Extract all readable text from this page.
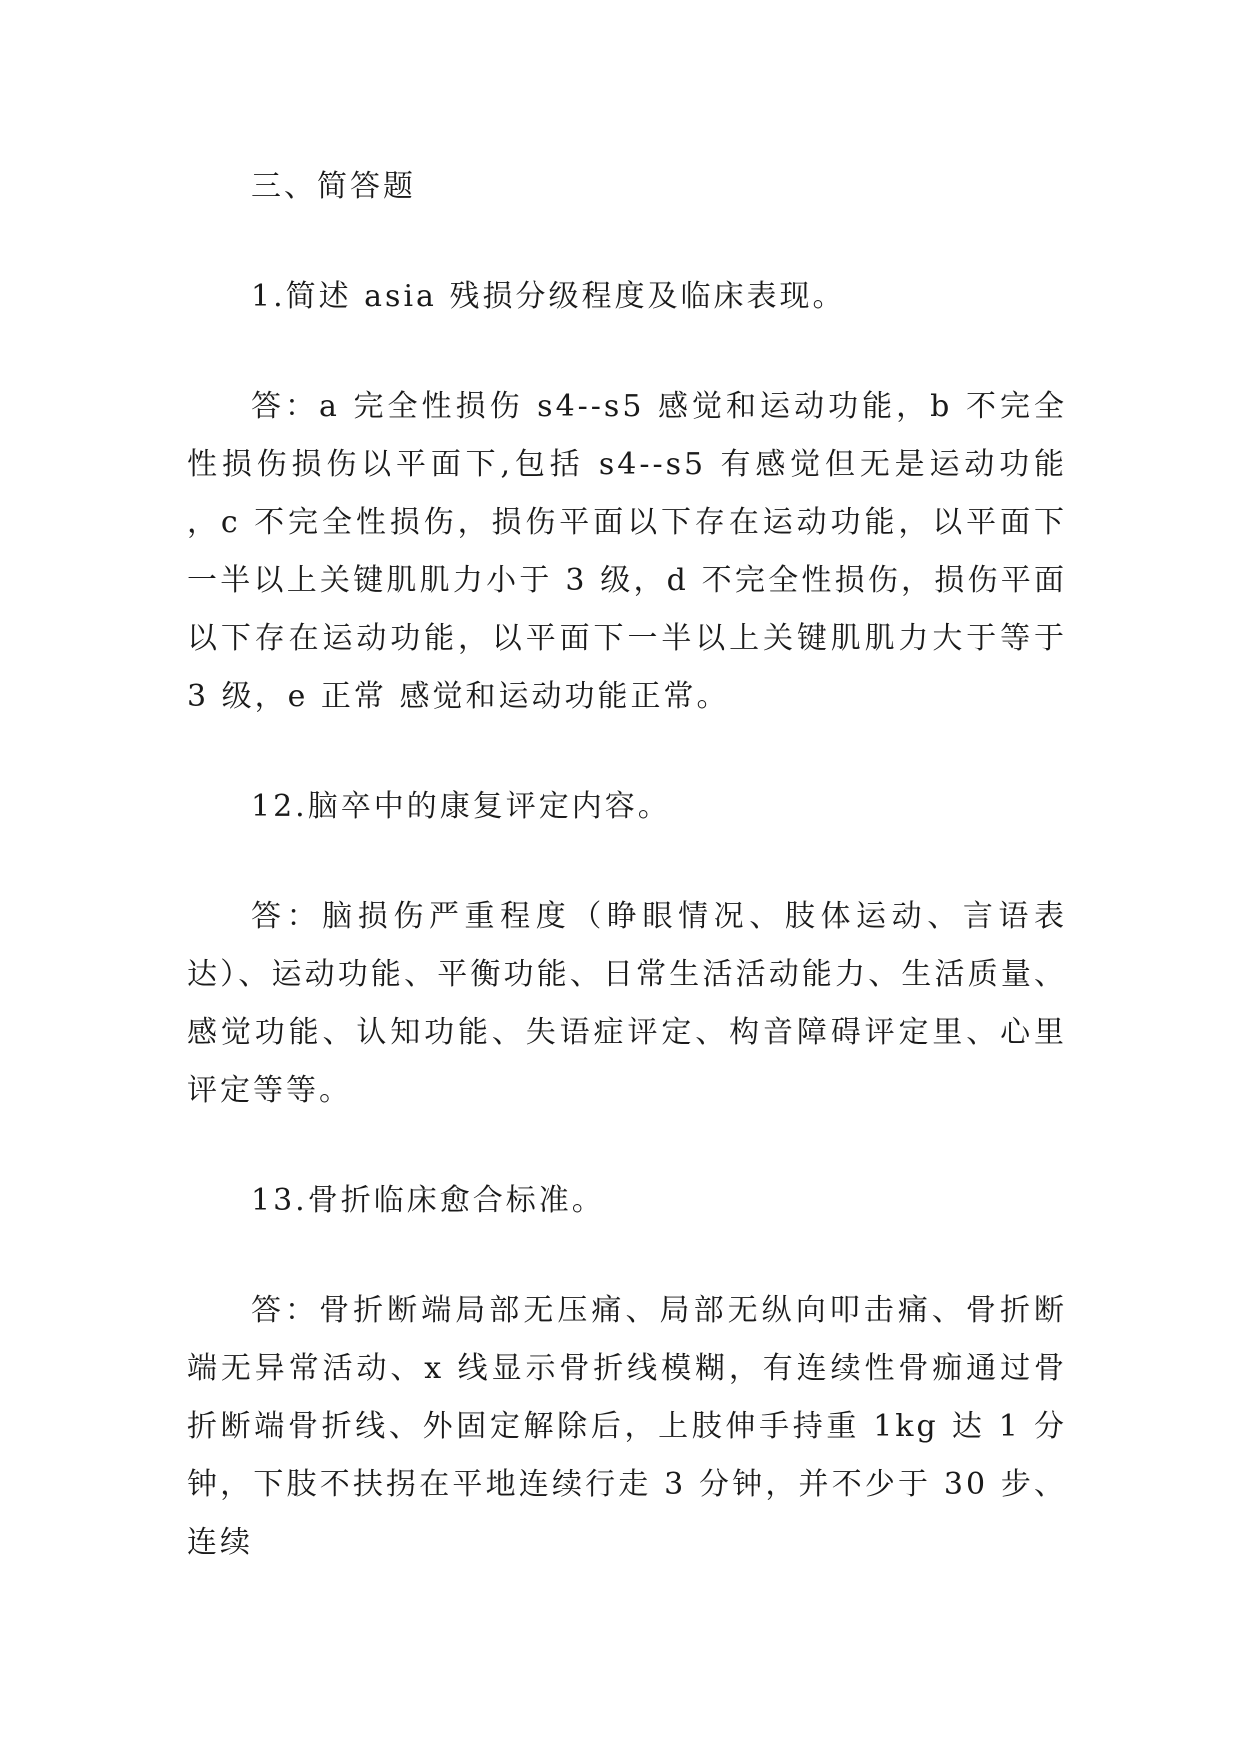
三、简答题

1.简述 asia 残损分级程度及临床表现。

答：a 完全性损伤 s4--s5 感觉和运动功能，b 不完全性损伤损伤以平面下,包括 s4--s5 有感觉但无是运动功能 ，c 不完全性损伤，损伤平面以下存在运动功能，以平面下一半以上关键肌肌力小于 3 级，d 不完全性损伤，损伤平面以下存在运动功能，以平面下一半以上关键肌肌力大于等于 3 级，e 正常 感觉和运动功能正常。

12.脑卒中的康复评定内容。

答：脑损伤严重程度（睁眼情况、肢体运动、言语表达）、运动功能、平衡功能、日常生活活动能力、生活质量、感觉功能、认知功能、失语症评定、构音障碍评定里、心里评定等等。

13.骨折临床愈合标准。

答：骨折断端局部无压痛、局部无纵向叩击痛、骨折断端无异常活动、x 线显示骨折线模糊，有连续性骨痂通过骨折断端骨折线、外固定解除后，上肢伸手持重 1kg 达 1 分钟，下肢不扶拐在平地连续行走 3 分钟，并不少于 30 步、连续
